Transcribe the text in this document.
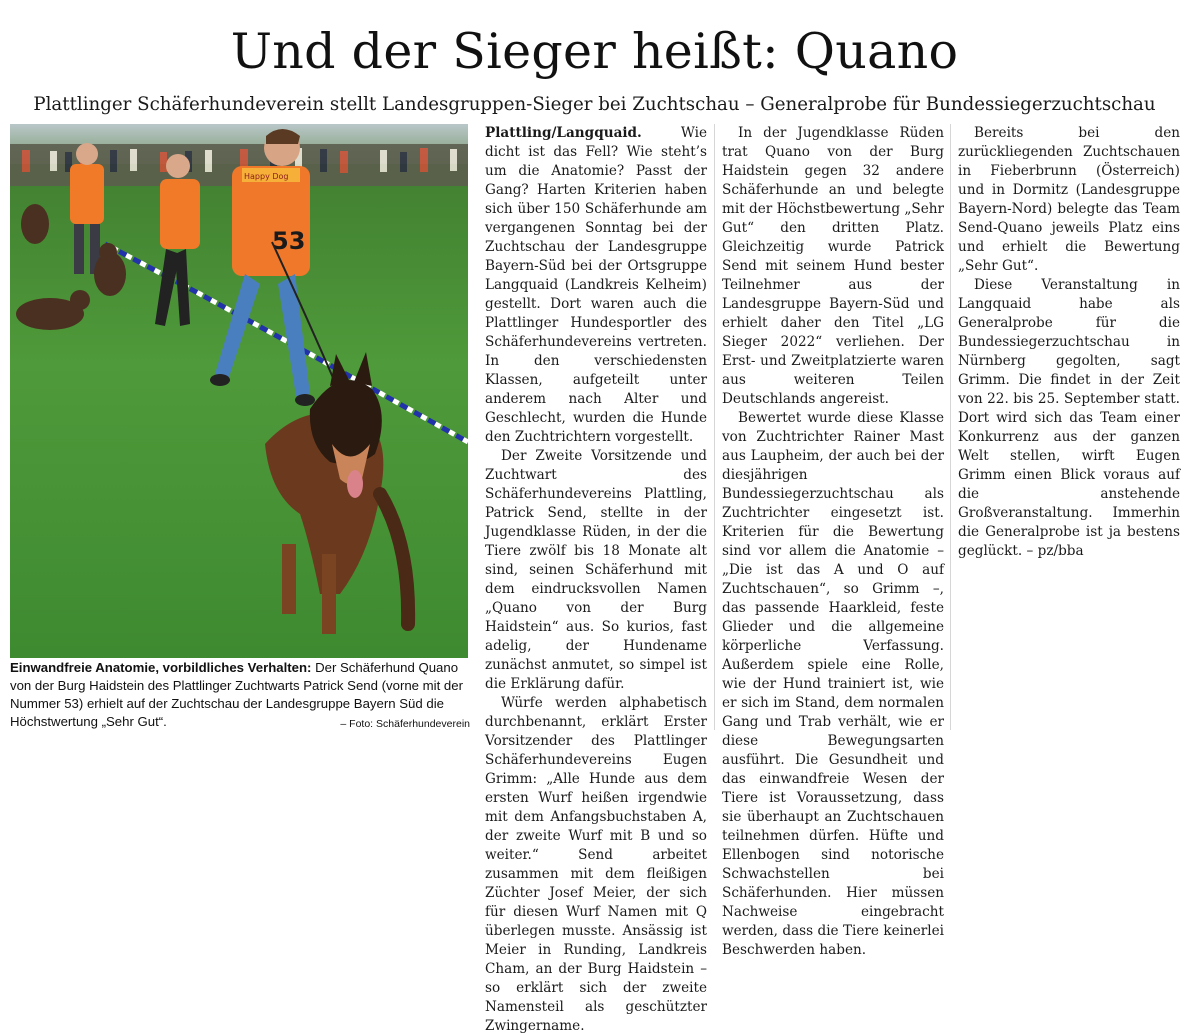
Und der Sieger heißt: Quano
Plattlinger Schäferhundeverein stellt Landesgruppen-Sieger bei Zuchtschau – Generalprobe für Bundessiegerzuchtschau
53
Happy Dog
Einwandfreie Anatomie, vorbildliches Verhalten: Der Schäferhund Quano von der Burg Haidstein des Plattlinger Zuchtwarts Patrick Send (vorne mit der Nummer 53) erhielt auf der Zuchtschau der Landesgruppe Bayern Süd die Höchstwertung „Sehr Gut“.	– Foto: Schäferhundeverein

Plattling/Langquaid. Wie dicht ist das Fell? Wie steht’s um die Anatomie? Passt der Gang? Harten Kriterien haben sich über 150 Schäferhunde am vergangenen Sonntag bei der Zuchtschau der Landesgruppe Bayern-Süd bei der Ortsgruppe Langquaid (Landkreis Kelheim) gestellt. Dort waren auch die Plattlinger Hundesportler des Schäferhundevereins vertreten. In den verschiedensten Klassen, aufgeteilt unter anderem nach Alter und Geschlecht, wurden die Hunde den Zuchtrichtern vorgestellt.

Der Zweite Vorsitzende und Zuchtwart des Schäferhundevereins Plattling, Patrick Send, stellte in der Jugendklasse Rüden, in der die Tiere zwölf bis 18 Monate alt sind, seinen Schäferhund mit dem eindrucksvollen Namen „Quano von der Burg Haidstein“ aus. So kurios, fast adelig, der Hundename zunächst anmutet, so simpel ist die Erklärung dafür.

Würfe werden alphabetisch durchbenannt, erklärt Erster Vorsitzender des Plattlinger Schäferhundevereins Eugen Grimm: „Alle Hunde aus dem ersten Wurf heißen irgendwie mit dem Anfangsbuchstaben A, der zweite Wurf mit B und so weiter.“ Send arbeitet zusammen mit dem fleißigen Züchter Josef Meier, der sich für diesen Wurf Namen mit Q überlegen musste. Ansässig ist Meier in Runding, Landkreis Cham, an der Burg Haidstein – so erklärt sich der zweite Namensteil als geschützter Zwingername.

In der Jugendklasse Rüden trat Quano von der Burg Haidstein gegen 32 andere Schäferhunde an und belegte mit der Höchstbewertung „Sehr Gut“ den dritten Platz. Gleichzeitig wurde Patrick Send mit seinem Hund bester Teilnehmer aus der Landesgruppe Bayern-Süd und erhielt daher den Titel „LG Sieger 2022“ verliehen. Der Erst- und Zweitplatzierte waren aus weiteren Teilen Deutschlands angereist.

Bewertet wurde diese Klasse von Zuchtrichter Rainer Mast aus Laupheim, der auch bei der diesjährigen Bundessiegerzuchtschau als Zuchtrichter eingesetzt ist. Kriterien für die Bewertung sind vor allem die Anatomie – „Die ist das A und O auf Zuchtschauen“, so Grimm –, das passende Haarkleid, feste Glieder und die allgemeine körperliche Verfassung. Außerdem spiele eine Rolle, wie der Hund trainiert ist, wie er sich im Stand, dem normalen Gang und Trab verhält, wie er diese Bewegungsarten ausführt. Die Gesundheit und das einwandfreie Wesen der Tiere ist Voraussetzung, dass sie überhaupt an Zuchtschauen teilnehmen dürfen. Hüfte und Ellenbogen sind notorische Schwachstellen bei Schäferhunden. Hier müssen Nachweise eingebracht werden, dass die Tiere keinerlei Beschwerden haben.

Bereits bei den zurückliegenden Zuchtschauen in Fieberbrunn (Österreich) und in Dormitz (Landesgruppe Bayern-Nord) belegte das Team Send-Quano jeweils Platz eins und erhielt die Bewertung „Sehr Gut“.

Diese Veranstaltung in Langquaid habe als Generalprobe für die Bundessiegerzuchtschau in Nürnberg gegolten, sagt Grimm. Die findet in der Zeit von 22. bis 25. September statt. Dort wird sich das Team einer Konkurrenz aus der ganzen Welt stellen, wirft Eugen Grimm einen Blick voraus auf die anstehende Großveranstaltung. Immerhin die Generalprobe ist ja bestens geglückt. – pz/bba
